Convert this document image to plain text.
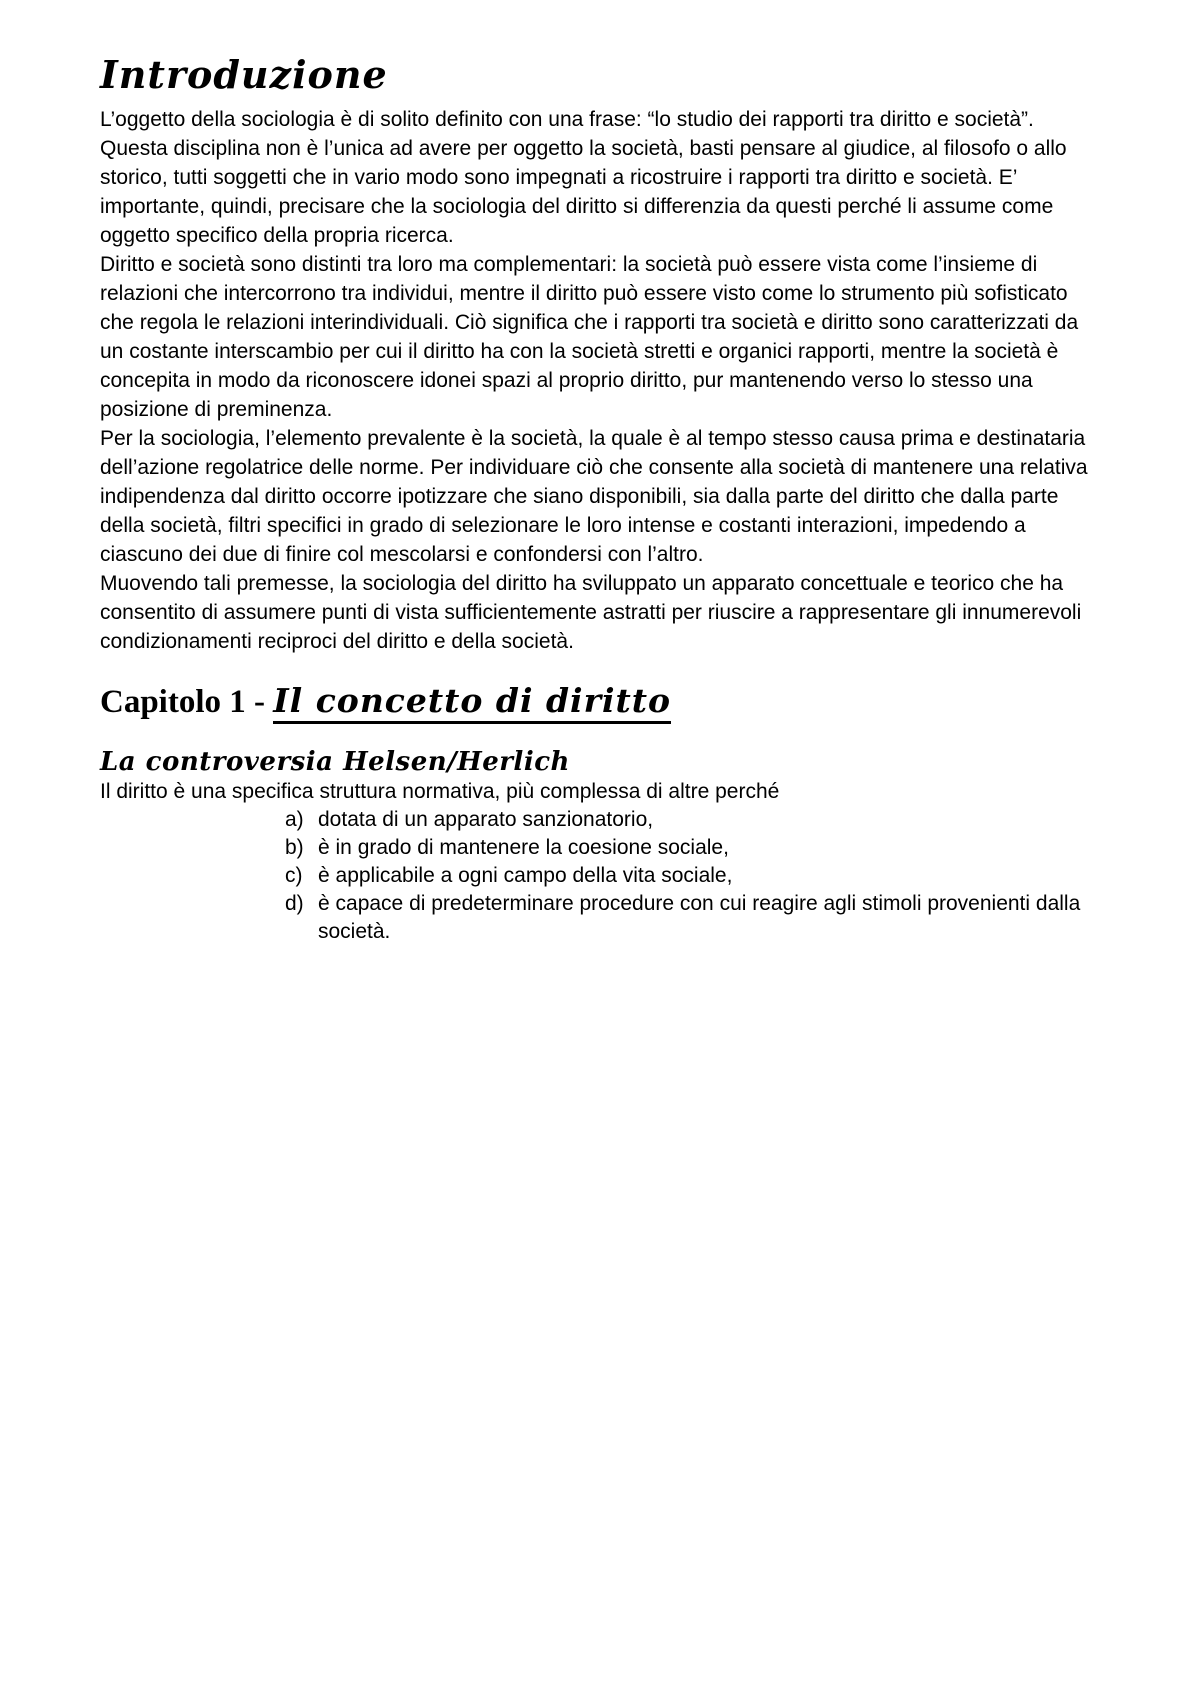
Introduzione

L’oggetto della sociologia è di solito definito con una frase: “lo studio dei rapporti tra diritto e società”. Questa disciplina non è l’unica ad avere per oggetto la società, basti pensare al giudice, al filosofo o allo storico, tutti soggetti che in vario modo sono impegnati a ricostruire i rapporti tra diritto e società. E’ importante, quindi, precisare che la sociologia del diritto si differenzia da questi perché li assume come oggetto specifico della propria ricerca.

Diritto e società sono distinti tra loro ma complementari: la società può essere vista come l’insieme di relazioni che intercorrono tra individui, mentre il diritto può essere visto come lo strumento più sofisticato che regola le relazioni interindividuali. Ciò significa che i rapporti tra società e diritto sono caratterizzati da un costante interscambio per cui il diritto ha con la società stretti e organici rapporti, mentre la società è concepita in modo da riconoscere idonei spazi al proprio diritto, pur mantenendo verso lo stesso una posizione di preminenza.

Per la sociologia, l’elemento prevalente è la società, la quale è al tempo stesso causa prima e destinataria dell’azione regolatrice delle norme. Per individuare ciò che consente alla società di mantenere una relativa indipendenza dal diritto occorre ipotizzare che siano disponibili, sia dalla parte del diritto che dalla parte della società, filtri specifici in grado di selezionare le loro intense e costanti interazioni, impedendo a ciascuno dei due di finire col mescolarsi e confondersi con l’altro.

Muovendo tali premesse, la sociologia del diritto ha sviluppato un apparato concettuale e teorico che ha consentito di assumere punti di vista sufficientemente astratti per riuscire a rappresentare gli innumerevoli condizionamenti reciproci del diritto e della società.

Capitolo 1 - Il concetto di diritto
La controversia Helsen/Herlich

Il diritto è una specifica struttura normativa, più complessa di altre perché

a) dotata di un apparato sanzionatorio,
b) è in grado di mantenere la coesione sociale,
c) è applicabile a ogni campo della vita sociale,
d) è capace di predeterminare procedure con cui reagire agli stimoli provenienti dalla società.
